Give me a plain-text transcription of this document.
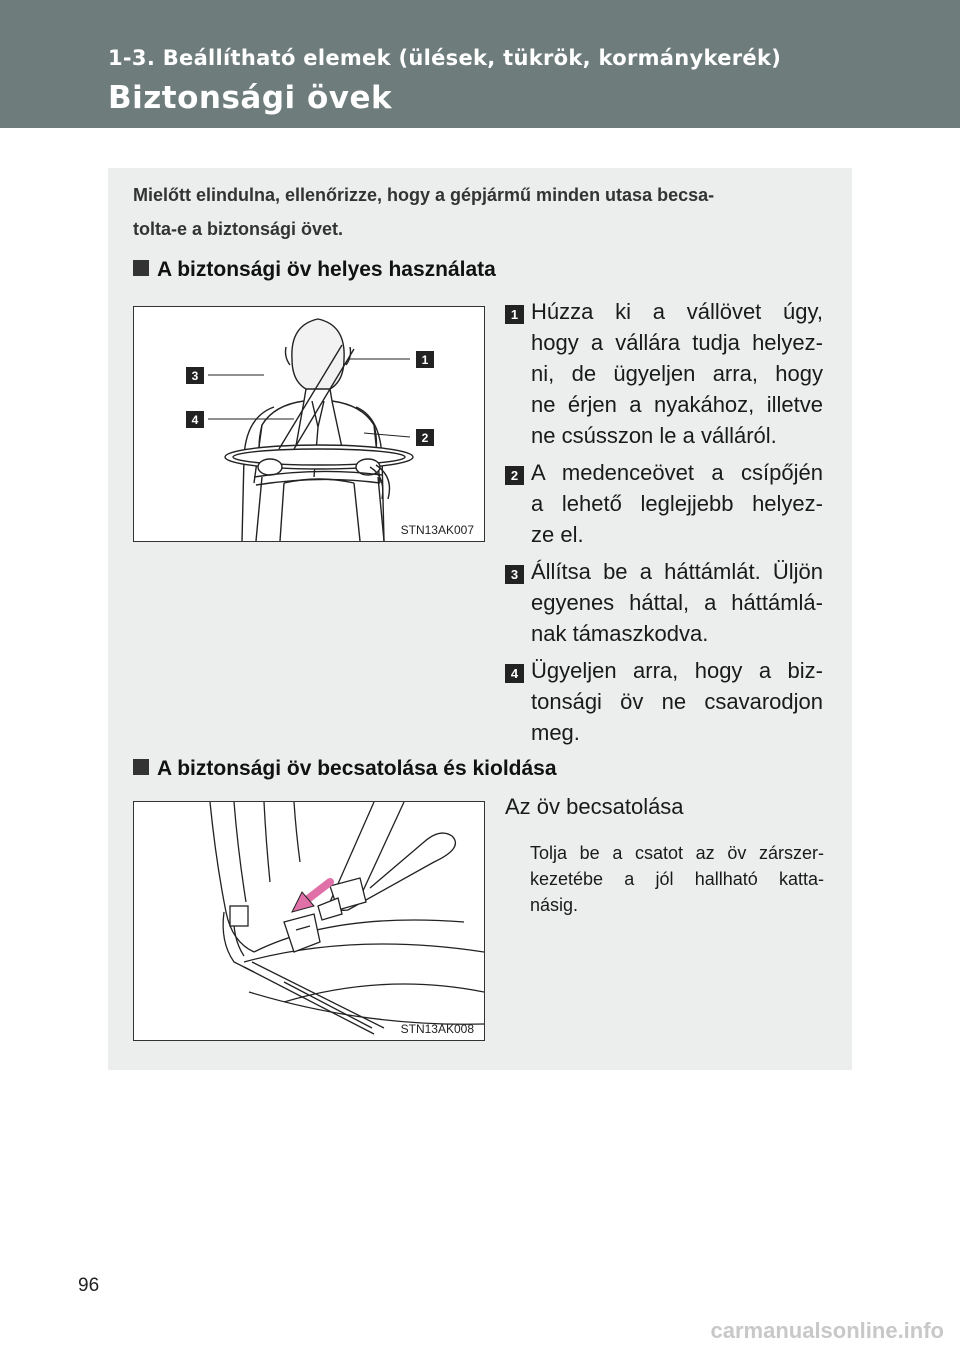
1-3. Beállítható elemek (ülések, tükrök, kormánykerék)
Biztonsági övek
Mielőtt elindulna, ellenőrizze, hogy a gépjármű minden utasa becsa-
tolta-e a biztonsági övet.
A biztonsági öv helyes használata
3
4
1
2
STN13AK007
1 Húzza ki a vállövet úgy,
hogy a vállára tudja helyez-
ni, de ügyeljen arra, hogy
ne érjen a nyakához, illetve
ne csússzon le a válláról.
2 A medenceövet a csípőjén
a lehető leglejjebb helyez-
ze el.
3 Állítsa be a háttámlát. Üljön
egyenes háttal, a háttámlá-
nak támaszkodva.
4 Ügyeljen arra, hogy a biz-
tonsági öv ne csavarodjon
meg.
A biztonsági öv becsatolása és kioldása
STN13AK008
Az öv becsatolása
Tolja be a csatot az öv zárszer-
kezetébe a jól hallható katta-
násig.
96
carmanualsonline.info
